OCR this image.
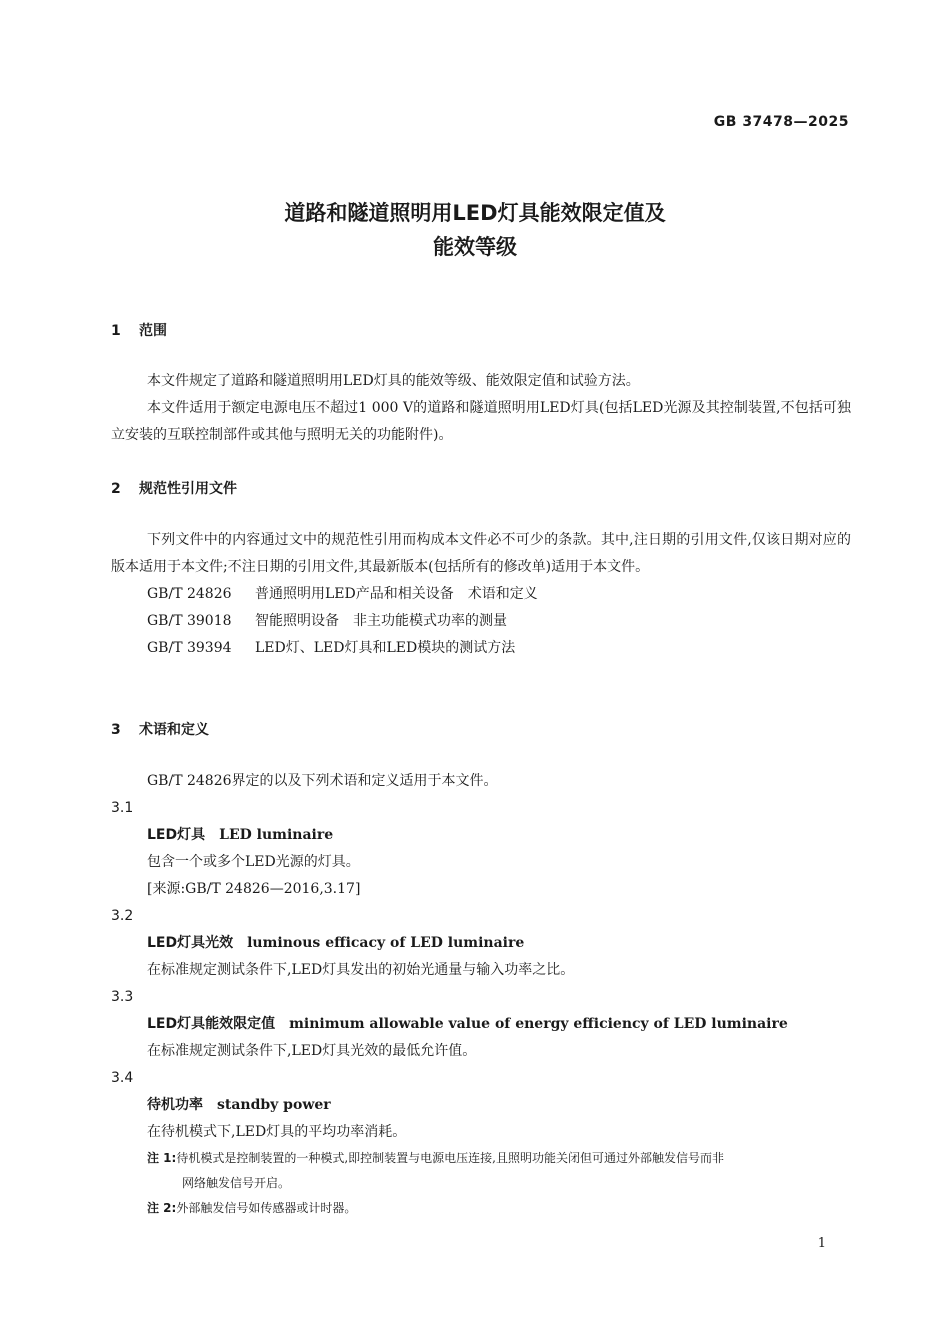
GB 37478—2025

道路和隧道照明用LED灯具能效限定值及
能效等级
1 范围

本文件规定了道路和隧道照明用LED灯具的能效等级、能效限定值和试验方法。

本文件适用于额定电源电压不超过1 000 V的道路和隧道照明用LED灯具(包括LED光源及其控制装置,不包括可独立安装的互联控制部件或其他与照明无关的功能附件)。

2 规范性引用文件

下列文件中的内容通过文中的规范性引用而构成本文件必不可少的条款。其中,注日期的引用文件,仅该日期对应的版本适用于本文件;不注日期的引用文件,其最新版本(包括所有的修改单)适用于本文件。

GB/T 24826 普通照明用LED产品和相关设备　术语和定义
GB/T 39018 智能照明设备　非主功能模式功率的测量
GB/T 39394 LED灯、LED灯具和LED模块的测试方法
3 术语和定义

GB/T 24826界定的以及下列术语和定义适用于本文件。

3.1

LED灯具 LED luminaire

包含一个或多个LED光源的灯具。

[来源:GB/T 24826—2016,3.17]

3.2

LED灯具光效 luminous efficacy of LED luminaire

在标准规定测试条件下,LED灯具发出的初始光通量与输入功率之比。

3.3

LED灯具能效限定值 minimum allowable value of energy efficiency of LED luminaire

在标准规定测试条件下,LED灯具光效的最低允许值。

3.4

待机功率 standby power

在待机模式下,LED灯具的平均功率消耗。

注 1:待机模式是控制装置的一种模式,即控制装置与电源电压连接,且照明功能关闭但可通过外部触发信号而非
网络触发信号开启。
注 2:外部触发信号如传感器或计时器。

1
